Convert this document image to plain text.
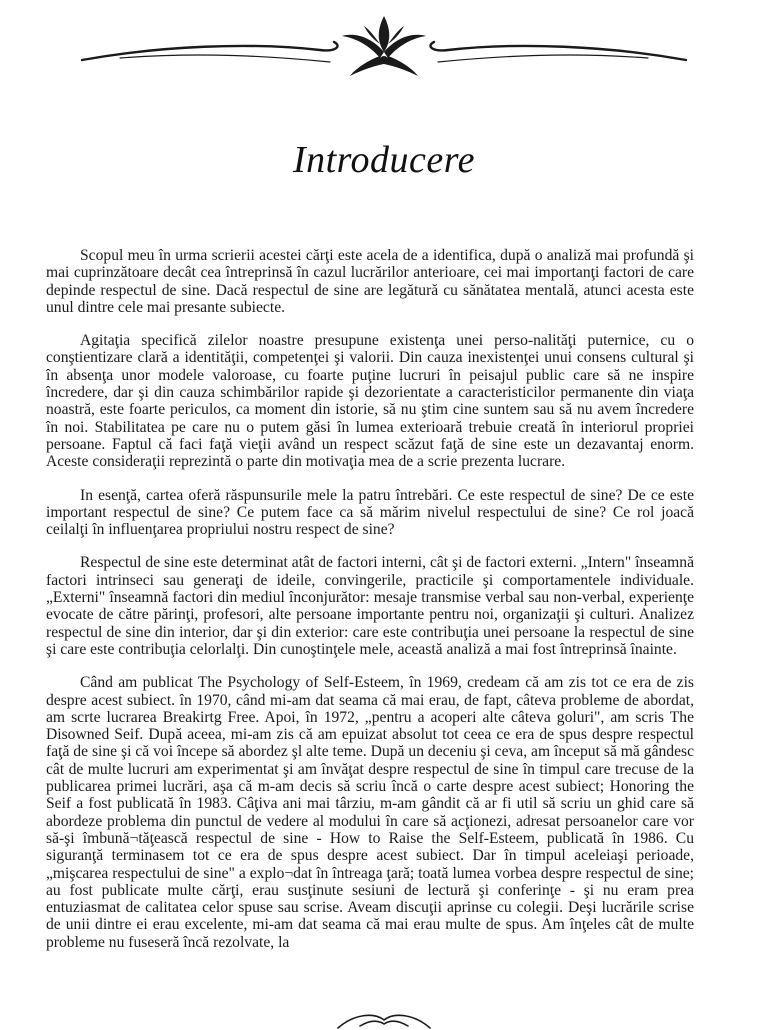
Introducere

Scopul meu în urma scrierii acestei cărţi este acela de a identifica, după o analiză mai profundă şi mai cuprinzătoare decât cea întreprinsă în cazul lucrărilor anterioare, cei mai importanţi factori de care depinde respectul de sine. Dacă respectul de sine are legătură cu sănătatea mentală, atunci acesta este unul dintre cele mai presante subiecte.

Agitaţia specifică zilelor noastre presupune existenţa unei perso-nalităţi puternice, cu o conştientizare clară a identităţii, competenţei şi valorii. Din cauza inexistenţei unui consens cultural şi în absenţa unor modele valoroase, cu foarte puţine lucruri în peisajul public care să ne inspire încredere, dar şi din cauza schimbărilor rapide şi dezorientate a caracteristicilor permanente din viaţa noastră, este foarte periculos, ca moment din istorie, să nu ştim cine suntem sau să nu avem încredere în noi. Stabilitatea pe care nu o putem găsi în lumea exterioară trebuie creată în interiorul propriei persoane. Faptul că faci faţă vieţii având un respect scăzut faţă de sine este un dezavantaj enorm. Aceste consideraţii reprezintă o parte din motivaţia mea de a scrie prezenta lucrare.

In esenţă, cartea oferă răspunsurile mele la patru întrebări. Ce este respectul de sine? De ce este important respectul de sine? Ce putem face ca să mărim nivelul respectului de sine? Ce rol joacă ceilalţi în influenţarea propriului nostru respect de sine?

Respectul de sine este determinat atât de factori interni, cât şi de factori externi. „Intern" înseamnă factori intrinseci sau generaţi de ideile, convingerile, practicile şi comportamentele individuale. „Externi" înseamnă factori din mediul înconjurător: mesaje transmise verbal sau non-verbal, experienţe evocate de către părinţi, profesori, alte persoane importante pentru noi, organizaţii şi culturi. Analizez respectul de sine din interior, dar şi din exterior: care este contribuţia unei persoane la respectul de sine şi care este contribuţia celorlalţi. Din cunoştinţele mele, această analiză a mai fost întreprinsă înainte.

Când am publicat The Psychology of Self-Esteem, în 1969, credeam că am zis tot ce era de zis despre acest subiect. în 1970, când mi-am dat seama că mai erau, de fapt, câteva probleme de abordat, am scrte lucrarea Breakirtg Free. Apoi, în 1972, „pentru a acoperi alte câteva goluri", am scris The Disowned Seif. După aceea, mi-am zis că am epuizat absolut tot ceea ce era de spus despre respectul faţă de sine şi că voi începe să abordez şl alte teme. După un deceniu şi ceva, am început să mă gândesc cât de multe lucruri am experimentat şi am învăţat despre respectul de sine în timpul care trecuse de la publicarea primei lucrări, aşa că m-am decis să scriu încă o carte despre acest subiect; Honoring the Seif a fost publicată în 1983. Câţiva ani mai târziu, m-am gândit că ar fi util să scriu un ghid care să abordeze problema din punctul de vedere al modului în care să acţionezi, adresat persoanelor care vor să-şi îmbună¬tăţească respectul de sine - How to Raise the Self-Esteem, publicată în 1986. Cu siguranţă terminasem tot ce era de spus despre acest subiect. Dar în timpul aceleiaşi perioade, „mişcarea respectului de sine" a explo¬dat în întreaga ţară; toată lumea vorbea despre respectul de sine; au fost publicate multe cărţi, erau susţinute sesiuni de lectură şi conferinţe - şi nu eram prea entuziasmat de calitatea celor spuse sau scrise. Aveam discuţii aprinse cu colegii. Deşi lucrările scrise de unii dintre ei erau excelente, mi-am dat seama că mai erau multe de spus. Am înţeles cât de multe probleme nu fuseseră încă rezolvate, la
